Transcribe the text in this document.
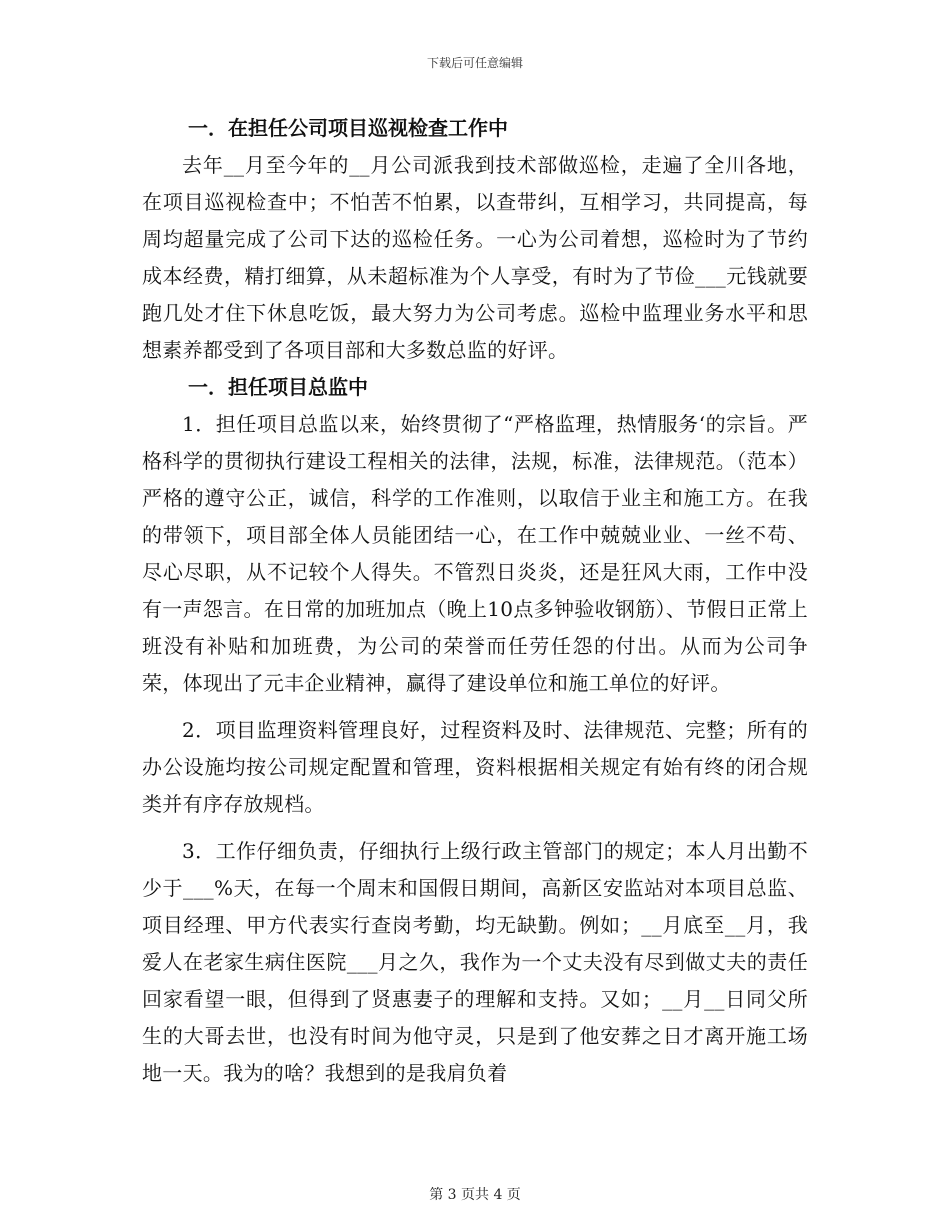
下载后可任意编辑
一．在担任公司项目巡视检查工作中

去年__月至今年的__月公司派我到技术部做巡检，走遍了全川各地，在项目巡视检查中；不怕苦不怕累，以查带纠，互相学习，共同提高，每周均超量完成了公司下达的巡检任务。一心为公司着想，巡检时为了节约成本经费，精打细算，从未超标准为个人享受，有时为了节俭___元钱就要跑几处才住下休息吃饭，最大努力为公司考虑。巡检中监理业务水平和思想素养都受到了各项目部和大多数总监的好评。

一．担任项目总监中

1．担任项目总监以来，始终贯彻了“严格监理，热情服务‘的宗旨。严格科学的贯彻执行建设工程相关的法律，法规，标准，法律规范。（范本）严格的遵守公正，诚信，科学的工作准则，以取信于业主和施工方。在我的带领下，项目部全体人员能团结一心，在工作中兢兢业业、一丝不苟、尽心尽职，从不记较个人得失。不管烈日炎炎，还是狂风大雨，工作中没有一声怨言。在日常的加班加点（晚上10点多钟验收钢筋）、节假日正常上班没有补贴和加班费，为公司的荣誉而任劳任怨的付出。从而为公司争荣，体现出了元丰企业精神，赢得了建设单位和施工单位的好评。

2．项目监理资料管理良好，过程资料及时、法律规范、完整；所有的办公设施均按公司规定配置和管理，资料根据相关规定有始有终的闭合规类并有序存放规档。

3．工作仔细负责，仔细执行上级行政主管部门的规定；本人月出勤不少于___%天，在每一个周末和国假日期间，高新区安监站对本项目总监、项目经理、甲方代表实行查岗考勤，均无缺勤。例如；__月底至__月，我爱人在老家生病住医院___月之久，我作为一个丈夫没有尽到做丈夫的责任回家看望一眼，但得到了贤惠妻子的理解和支持。又如；__月__日同父所生的大哥去世，也没有时间为他守灵，只是到了他安葬之日才离开施工场地一天。我为的啥？我想到的是我肩负着

第 3 页共 4 页
